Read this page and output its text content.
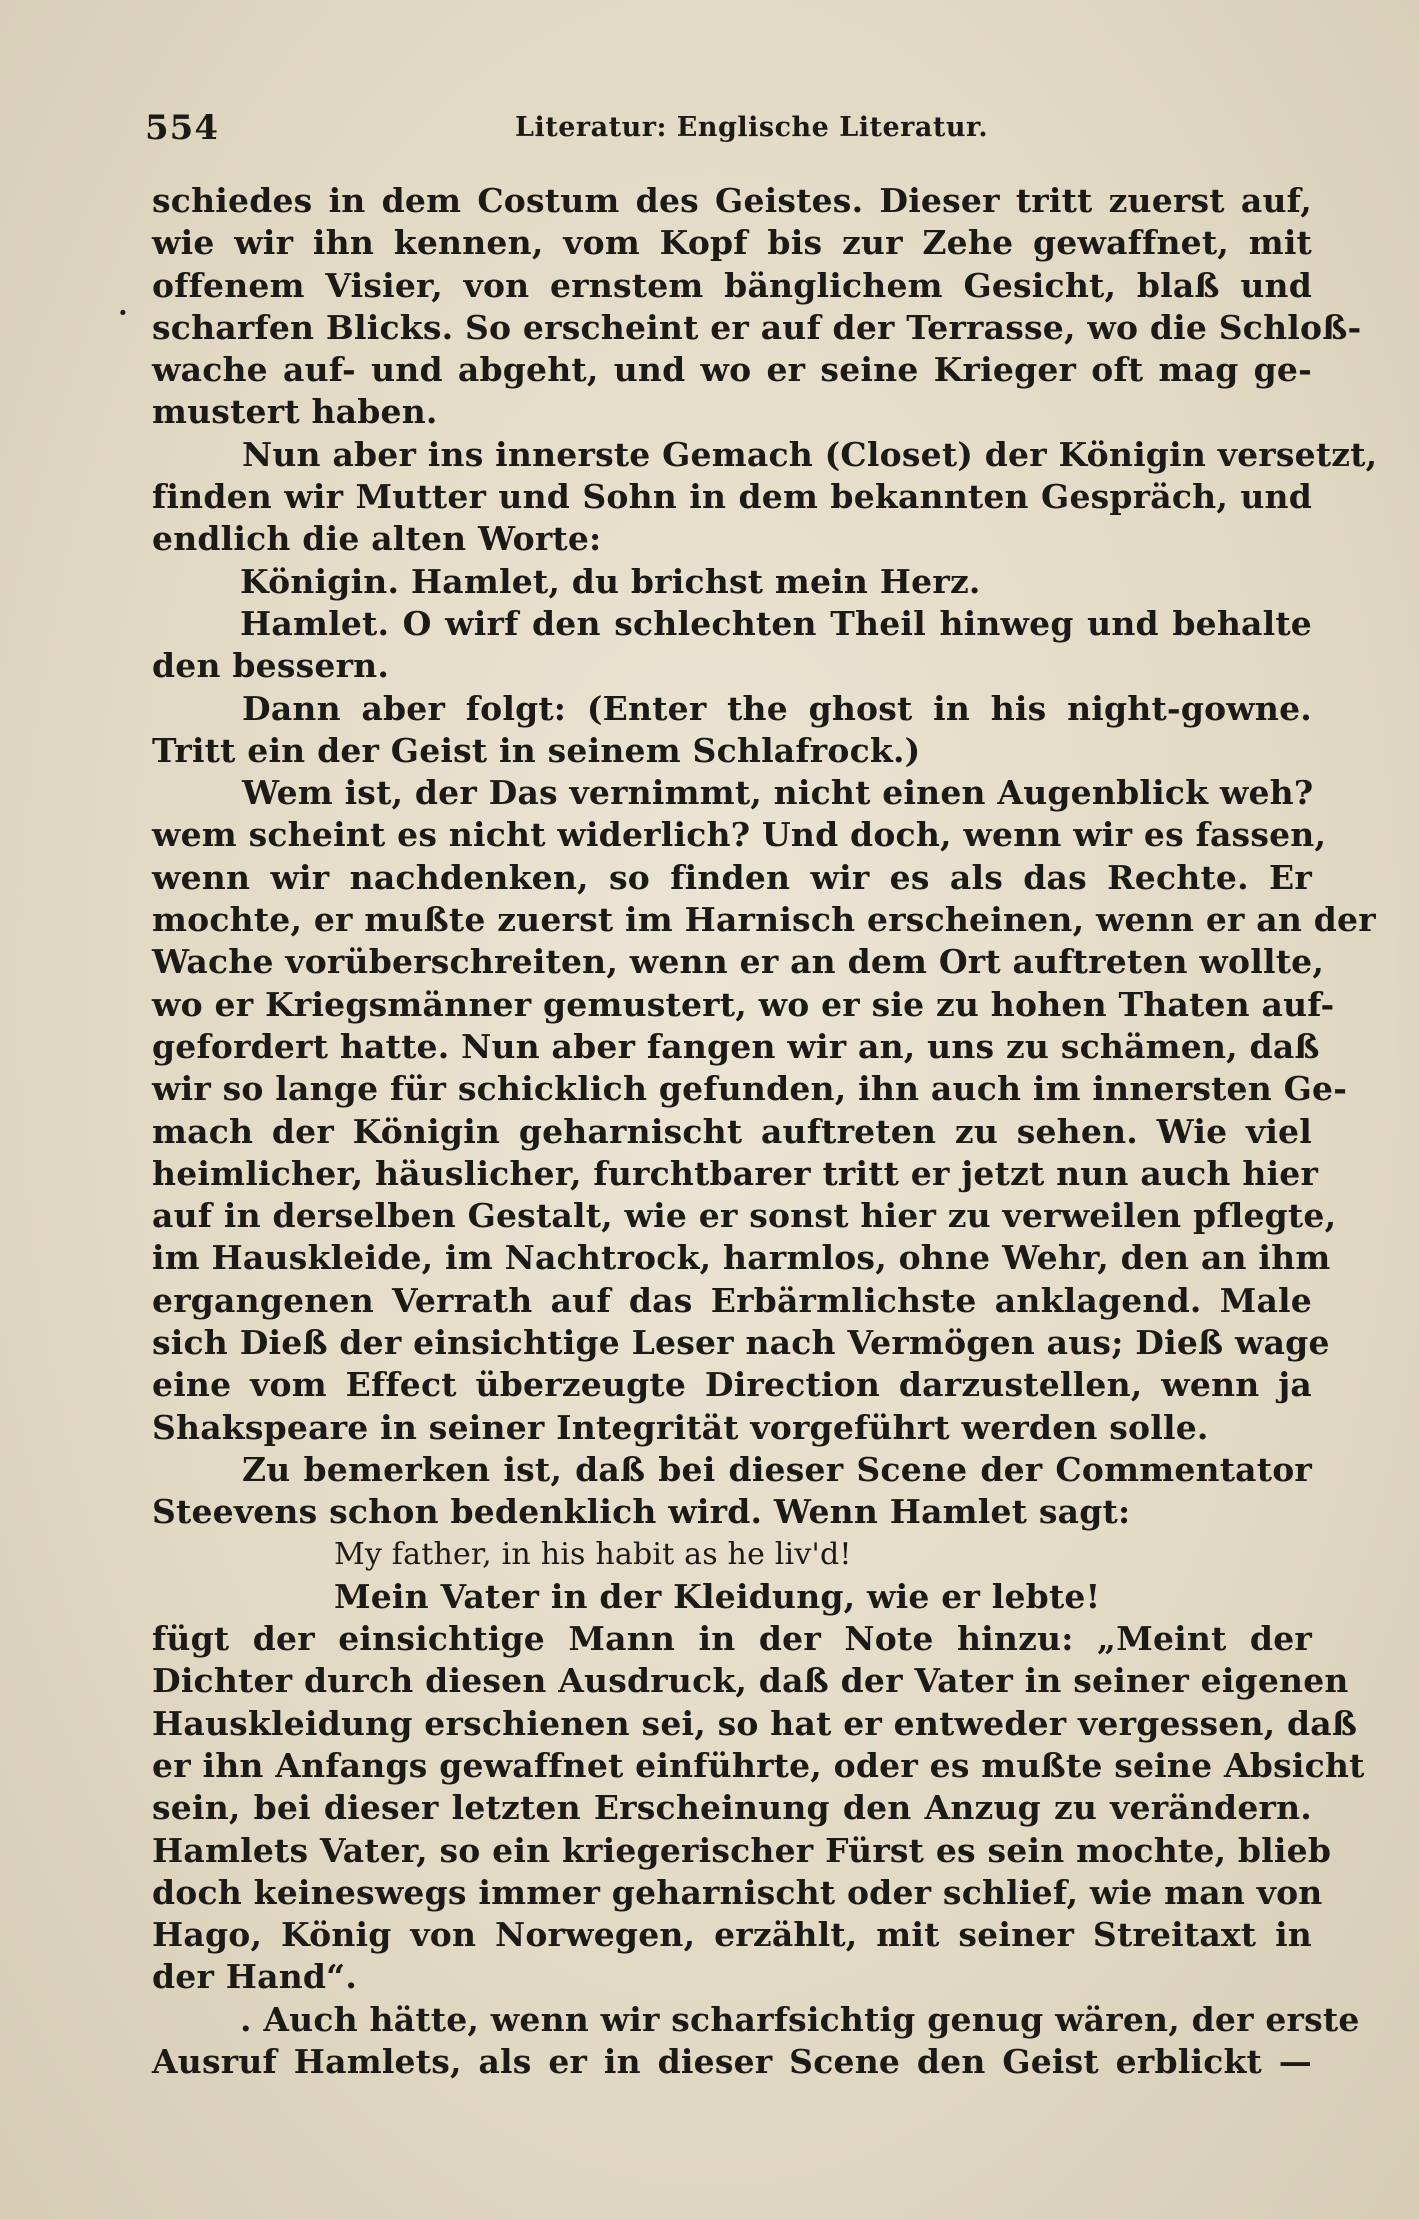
554	Literatur: Englische Literatur.
·
schiedes in dem Costum des Geistes. Dieser tritt zuerst auf,
wie wir ihn kennen, vom Kopf bis zur Zehe gewaffnet, mit
offenem Visier, von ernstem bänglichem Gesicht, blaß und
scharfen Blicks. So erscheint er auf der Terrasse, wo die Schloß-
wache auf- und abgeht, und wo er seine Krieger oft mag ge-
mustert haben.
Nun aber ins innerste Gemach (Closet) der Königin versetzt,
finden wir Mutter und Sohn in dem bekannten Gespräch, und
endlich die alten Worte:
Königin. Hamlet, du brichst mein Herz.
Hamlet. O wirf den schlechten Theil hinweg und behalte
den bessern.
Dann aber folgt: (Enter the ghost in his night-gowne.
Tritt ein der Geist in seinem Schlafrock.)
Wem ist, der Das vernimmt, nicht einen Augenblick weh?
wem scheint es nicht widerlich? Und doch, wenn wir es fassen,
wenn wir nachdenken, so finden wir es als das Rechte. Er
mochte, er mußte zuerst im Harnisch erscheinen, wenn er an der
Wache vorüberschreiten, wenn er an dem Ort auftreten wollte,
wo er Kriegsmänner gemustert, wo er sie zu hohen Thaten auf-
gefordert hatte. Nun aber fangen wir an, uns zu schämen, daß
wir so lange für schicklich gefunden, ihn auch im innersten Ge-
mach der Königin geharnischt auftreten zu sehen. Wie viel
heimlicher, häuslicher, furchtbarer tritt er jetzt nun auch hier
auf in derselben Gestalt, wie er sonst hier zu verweilen pflegte,
im Hauskleide, im Nachtrock, harmlos, ohne Wehr, den an ihm
ergangenen Verrath auf das Erbärmlichste anklagend. Male
sich Dieß der einsichtige Leser nach Vermögen aus; Dieß wage
eine vom Effect überzeugte Direction darzustellen, wenn ja
Shakspeare in seiner Integrität vorgeführt werden solle.
Zu bemerken ist, daß bei dieser Scene der Commentator
Steevens schon bedenklich wird. Wenn Hamlet sagt:
My father, in his habit as he liv'd!
Mein Vater in der Kleidung, wie er lebte!
fügt der einsichtige Mann in der Note hinzu: „Meint der
Dichter durch diesen Ausdruck, daß der Vater in seiner eigenen
Hauskleidung erschienen sei, so hat er entweder vergessen, daß
er ihn Anfangs gewaffnet einführte, oder es mußte seine Absicht
sein, bei dieser letzten Erscheinung den Anzug zu verändern.
Hamlets Vater, so ein kriegerischer Fürst es sein mochte, blieb
doch keineswegs immer geharnischt oder schlief, wie man von
Hago, König von Norwegen, erzählt, mit seiner Streitaxt in
der Hand“.
. Auch hätte, wenn wir scharfsichtig genug wären, der erste
Ausruf Hamlets, als er in dieser Scene den Geist erblickt —
